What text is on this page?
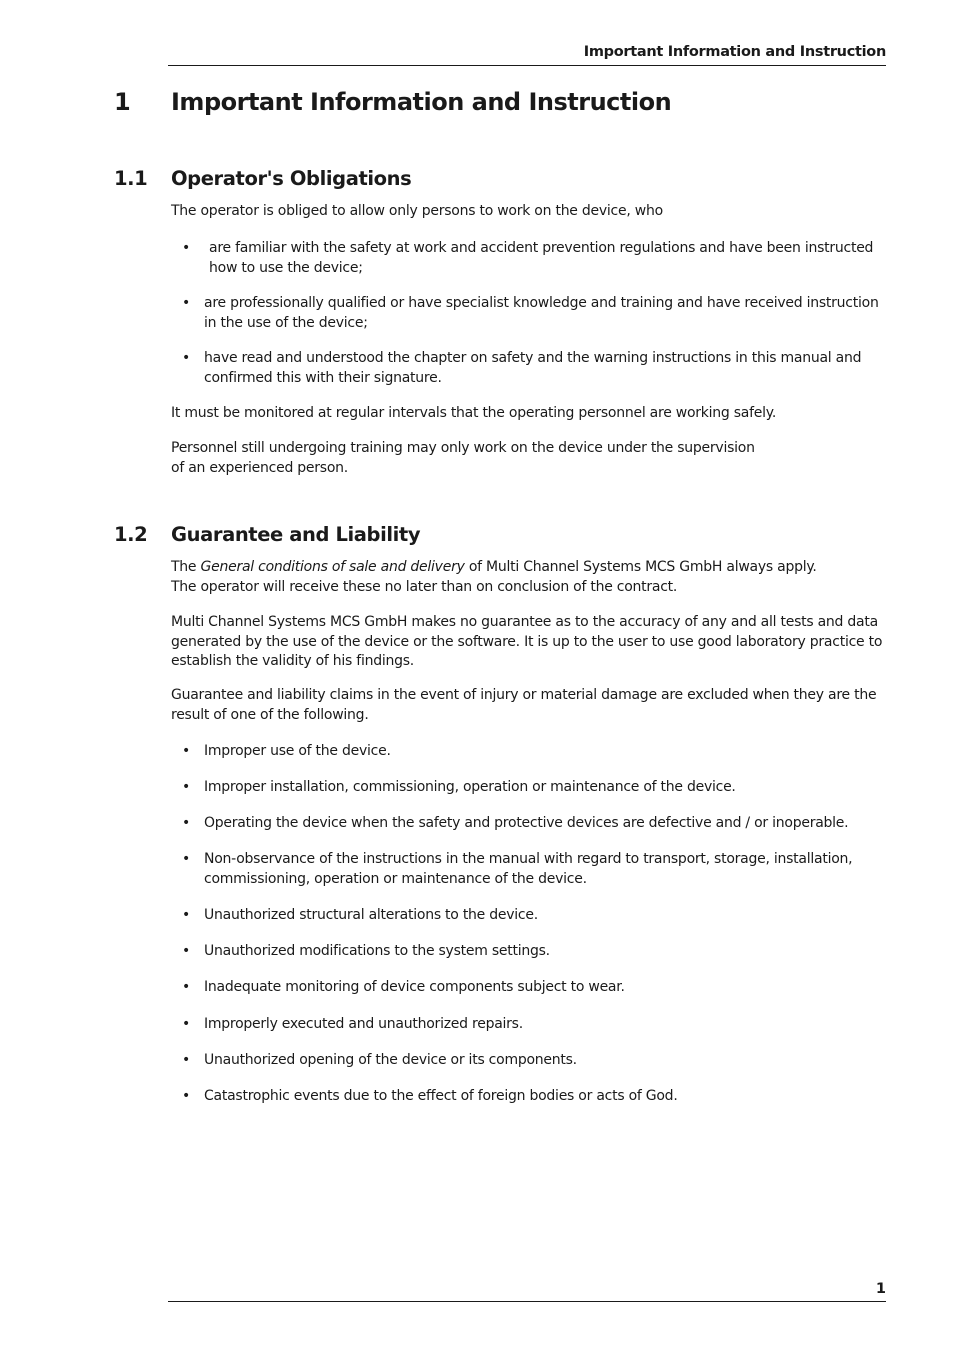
Important Information and Instruction
1 Important Information and Instruction
1.1 Operator's Obligations

The operator is obliged to allow only persons to work on the device, who

•	are familiar with the safety at work and accident prevention regulations and have been instructed how to use the device;
• are professionally qualified or have specialist knowledge and training and have received instruction in the use of the device;
• have read and understood the chapter on safety and the warning instructions in this manual and confirmed this with their signature.

It must be monitored at regular intervals that the operating personnel are working safely.

Personnel still undergoing training may only work on the device under the supervision

of an experienced person.

1.2 Guarantee and Liability

The General conditions of sale and delivery of Multi Channel Systems MCS GmbH always apply.

The operator will receive these no later than on conclusion of the contract.

Multi Channel Systems MCS GmbH makes no guarantee as to the accuracy of any and all tests and data generated by the use of the device or the software. It is up to the user to use good laboratory practice to establish the validity of his findings.

Guarantee and liability claims in the event of injury or material damage are excluded when they are the result of one of the following.

• Improper use of the device.
• Improper installation, commissioning, operation or maintenance of the device.
• Operating the device when the safety and protective devices are defective and / or inoperable.
• Non-observance of the instructions in the manual with regard to transport, storage, installation, commissioning, operation or maintenance of the device.
• Unauthorized structural alterations to the device.
• Unauthorized modifications to the system settings.
• Inadequate monitoring of device components subject to wear.
• Improperly executed and unauthorized repairs.
• Unauthorized opening of the device or its components.
• Catastrophic events due to the effect of foreign bodies or acts of God.
1
